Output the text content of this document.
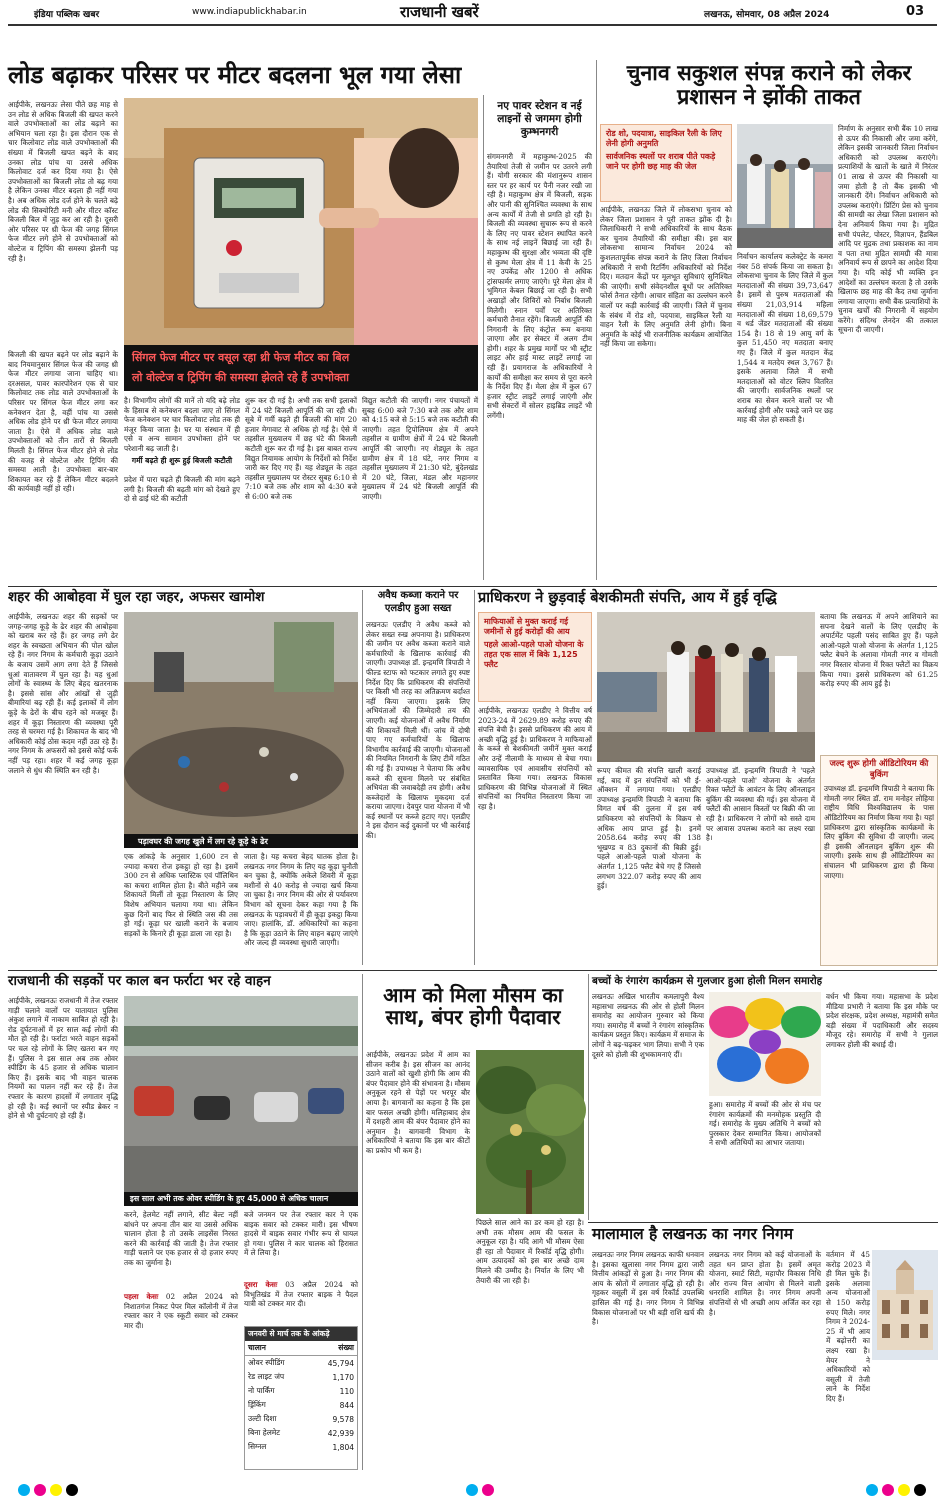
इंडिया पब्लिक खबर	www.indiapublickhabar.in	राजधानी खबरें	लखनऊ, सोमवार, 08 अप्रैल 2024	03
लोड बढ़ाकर परिसर पर मीटर बदलना भूल गया लेसा
आईपीके, लखनऊः लेसा पीते छह माह से उन लोड से अधिक बिजली की खपत करने वाले उपभोक्ताओं का लोड बढ़ाने का अभियान चला रहा है। इस दौरान एक से चार किलोवाट लोड वाले उपभोक्ताओं की संख्या में बिजली खपत बढ़ने के बाद उनका लोड पांच या उससे अधिक किलोवाट दर्ज कर दिया गया है। ऐसे उपभोक्ताओं का बिजली लोड तो बढ़ गया है लेकिन उनका मीटर बदला ही नहीं गया है। अब अधिक लोड दर्ज होने के चलते बढ़े लोड की सिक्योरिटी मनी और मीटर कॉस्ट बिजली बिल में जुड़ कर आ रही है। दूसरी ओर परिसर पर थ्री फेज की जगह सिंगल फेज मीटर लगे होने से उपभोक्ताओं को वोल्टेज व ट्रिपिंग की समस्या झेलनी पड़ रही है।
बिजली की खपत बढ़ने पर लोड बढ़ाने के बाद नियमानुसार सिंगल फेज की जगह थ्री फेज मीटर लगाया जाना चाहिए था। दरअसल, पावर कारपोरेशन एक से चार किलोवाट तक लोड वाले उपभोक्ताओं के परिसर पर सिंगल फेज मीटर लगा कर कनेक्शन देता है, वहीं पांच या उससे अधिक लोड होने पर थ्री फेज मीटर लगाया जाता है। ऐसे में अधिक लोड वाले उपभोक्ताओं को तीन तारों से बिजली मिलती है। सिंगल फेज मीटर होने से लोड की वजह से वोल्टेज और ट्रिपिंग की समस्या आती है। उपभोक्ता बार-बार शिकायत कर रहे हैं लेकिन मीटर बदलने की कार्यवाही नहीं हो रही।
सिंगल फेज मीटर पर वसूल रहा थ्री फेज मीटर का बिल
लो वोल्टेज व ट्रिपिंग की समस्या झेलते रहे हैं उपभोक्ता
है। विभागीय लोगों की मानें तो यदि बढ़े लोड के हिसाब से कनेक्शन बदला जाए तो सिंगल फेज कनेक्शन पर चार किलोवाट लोड तक ही मंजूर किया जाता है। घर या संस्थान में ही एसे व अन्य सामान उपभोक्ता होने पर परेशानी बढ़ जाती है।
गर्मी बढ़ते ही शुरू हुई बिजली कटौती
प्रदेश में पारा चढ़ते ही बिजली की मांग बढ़ने लगी है। बिजली की बढ़ती मांग को देखते हुए दो से ढाई घंटे की कटौती
शुरू कर दी गई है। अभी तक सभी इलाकों में 24 घंटे बिजली आपूर्ति की जा रही थी। सूबे में गर्मी बढ़ते ही बिजली की मांग 20 हजार मेगावाट से अधिक हो गई है। ऐसे में तहसील मुख्यालय में छह घंटे की बिजली कटौती शुरू कर दी गई है। इस बाबत राज्य विद्युत नियामक आयोग के निर्देशों को निर्देश जारी कर दिए गए हैं। यह शेड्यूल के तहत तहसील मुख्यालय पर रोस्टर सुबह 6:10 से 7:10 बजे तक और शाम को 4:30 बजे से 6:00 बजे तक
विद्युत कटौती की जाएगी। नगर पंचायतों में सुबह 6:00 बजे 7:30 बजे तक और शाम को 4:15 बजे से 5:15 बजे तक कटौती की जाएगी। तहत ट्रिपोलियम क्षेत्र में अपने तहसील व ग्रामीण क्षेत्रों में 24 घंटे बिजली आपूर्ति की जाएगी। नए शेड्यूल के तहत ग्रामीण क्षेत्र में 18 घंटे, नगर निगम व तहसील मुख्यालय में 21:30 घंटे, बुंदेलखंड में 20 घंटे, जिला, मंडल और महानगर मुख्यालय में 24 घंटे बिजली आपूर्ति की जाएगी।
नए पावर स्टेशन व नई लाइनों से जगमग होगी कुम्भनगरी
संगमनगरी में महाकुम्भ-2025 की तैयारियां तेजी से जमीन पर उतरने लगी हैं। योगी सरकार की मंशानुरूप शासन स्तर पर हर कार्य पर पैनी नजर रखी जा रही है। महाकुम्भ क्षेत्र में बिजली, सड़क और पानी की सुनिश्चित व्यवस्था के साथ अन्य कार्यों में तेजी से प्रगति हो रही है। बिजली की व्यवस्था सुचारू रूप से करने के लिए नए पावर स्टेशन स्थापित करने के साथ नई लाइनें बिछाई जा रही हैं। महाकुम्भ की सुरक्षा और भव्यता की दृष्टि से कुम्भ मेला क्षेत्र में 11 केवी के 25 नए उपकेंद्र और 1200 से अधिक ट्रांसफार्मर लगाए जाएंगे। पूरे मेला क्षेत्र में भूमिगत केबल बिछाई जा रही है। सभी अखाड़ों और शिविरों को निर्बाध बिजली मिलेगी। स्नान पर्वों पर अतिरिक्त कर्मचारी तैनात रहेंगे। बिजली आपूर्ति की निगरानी के लिए कंट्रोल रूम बनाया जाएगा और हर सेक्टर में अलग टीम होगी। शहर के प्रमुख मार्गों पर भी स्ट्रीट लाइट और हाई मास्ट लाइटें लगाई जा रही हैं। प्रयागराज के अधिकारियों ने कार्यों की समीक्षा कर समय से पूरा करने के निर्देश दिए हैं। मेला क्षेत्र में कुल 67 हजार स्ट्रीट लाइटें लगाई जाएंगी और सभी सेक्टरों में सोलर हाइब्रिड लाइटें भी लगेंगी।
चुनाव सकुशल संपन्न कराने को लेकर प्रशासन ने झोंकी ताकत
रोड शो, पदयात्रा, साइकिल रैली के लिए लेनी होगी अनुमति
सार्वजनिक स्थलों पर शराब पीते पकड़े जाने पर होगी छह माह की जेल
आईपीके, लखनऊः जिले में लोकसभा चुनाव को लेकर जिला प्रशासन ने पूरी ताकत झोंक दी है। जिलाधिकारी ने सभी अधिकारियों के साथ बैठक कर चुनाव तैयारियों की समीक्षा की। इस बार लोकसभा सामान्य निर्वाचन 2024 को कुशलतापूर्वक संपन्न कराने के लिए जिला निर्वाचन अधिकारी ने सभी रिटर्निंग अधिकारियों को निर्देश दिए। मतदान केंद्रों पर मूलभूत सुविधाएं सुनिश्चित की जाएंगी। सभी संवेदनशील बूथों पर अतिरिक्त फोर्स तैनात रहेगी। आचार संहिता का उल्लंघन करने वालों पर कड़ी कार्रवाई की जाएगी। जिले में चुनाव के संबंध में रोड शो, पदयात्रा, साइकिल रैली या वाहन रैली के लिए अनुमति लेनी होगी। बिना अनुमति के कोई भी राजनीतिक कार्यक्रम आयोजित नहीं किया जा सकेगा।
निर्वाचन कार्यालय कलेक्ट्रेट के कमरा नंबर 58 संपर्क किया जा सकता है। लोकसभा चुनाव के लिए जिले में कुल मतदाताओं की संख्या 39,73,647 है। इसमें से पुरुष मतदाताओं की संख्या 21,03,914 महिला मतदाताओं की संख्या 18,69,579 व थर्ड जेंडर मतदाताओं की संख्या 154 है। 18 से 19 आयु वर्ग के कुल 51,450 नए मतदाता बनाए गए हैं। जिले में कुल मतदान केंद्र 1,544 व मतदेय स्थल 3,767 हैं। इसके अलावा जिले में सभी मतदाताओं को वोटर स्लिप वितरित की जाएगी। सार्वजनिक स्थलों पर शराब का सेवन करने वालों पर भी कार्रवाई होगी और पकड़े जाने पर छह माह की जेल हो सकती है।
निर्माण के अनुसार सभी बैंक 10 लाख से ऊपर की निकासी और जमा करेंगे, लेकिन इसकी जानकारी जिला निर्वाचन अधिकारी को उपलब्ध कराएंगे। प्रत्याशियों के खातों के खाते में निरंतर 01 लाख से ऊपर की निकासी या जमा होती है तो बैंक इसकी भी जानकारी देंगे। निर्वाचन अधिकारी को उपलब्ध कराएंगे। प्रिंटिंग प्रेस को चुनाव की सामग्री का लेखा जिला प्रशासन को देना अनिवार्य किया गया है। मुद्रित सभी पंपलेट, पोस्टर, विज्ञापन, हैंडबिल आदि पर मुद्रक तथा प्रकाशक का नाम व पता तथा मुद्रित सामग्री की मात्रा अनिवार्य रूप से छापने का आदेश दिया गया है। यदि कोई भी व्यक्ति इन आदेशों का उल्लंघन करता है तो उसके खिलाफ छह माह की कैद तथा जुर्माना लगाया जाएगा। सभी बैंक प्रत्याशियों के चुनाव खर्चों की निगरानी में सहयोग करेंगे। संदिग्ध लेनदेन की तत्काल सूचना दी जाएगी।
शहर की आबोहवा में घुल रहा जहर, अफसर खामोश
आईपीके, लखनऊः शहर की सड़कों पर जगह-जगह कूड़े के ढेर शहर की आबोहवा को खराब कर रहे हैं। हर जगह लगे ढेर शहर के स्वच्छता अभियान की पोल खोल रहे हैं। नगर निगम के कर्मचारी कूड़ा उठाने के बजाय उसमें आग लगा देते हैं जिससे धुआं वातावरण में घुल रहा है। यह धुआं लोगों के स्वास्थ्य के लिए बेहद खतरनाक है। इससे सांस और आंखों से जुड़ी बीमारियां बढ़ रही हैं। कई इलाकों में लोग कूड़े के ढेरों के बीच रहने को मजबूर हैं। शहर में कूड़ा निस्तारण की व्यवस्था पूरी तरह से चरमरा गई है। शिकायत के बाद भी अधिकारी कोई ठोस कदम नहीं उठा रहे हैं। नगर निगम के अफसरों को इससे कोई फर्क नहीं पड़ रहा। शहर में कई जगह कूड़ा जलाने से धुंध की स्थिति बन रही है।
पड़ावघर की जगह खुले में लग रहे कूड़े के ढेर
एक आंकड़े के अनुसार 1,600 टन से ज्यादा कचरा रोज इकट्ठा हो रहा है। इसमें 300 टन से अधिक प्लास्टिक एवं पॉलिथिन का कचरा शामिल होता है। बीते महीने जब शिकायतें मिलीं तो कूड़ा निस्तारण के लिए विशेष अभियान चलाया गया था। लेकिन कुछ दिनों बाद फिर से स्थिति जस की तस हो गई। कूड़ा घर खाली कराने के बजाय सड़कों के किनारे ही कूड़ा डाला जा रहा है।
जाता है। यह कचरा बेहद घातक होता है। लखनऊ नगर निगम के लिए यह कूड़ा चुनौती बन चुका है, क्योंकि अकेले शिवरी में कूड़ा मशीनों से 40 करोड़ से ज्यादा खर्च किया जा चुका है। नगर निगम की ओर से पर्यावरण विभाग को सूचना देकर कहा गया है कि लखनऊ के पड़ावघरों में ही कूड़ा इकट्ठा किया जाए। हालांकि, डॉ. अधिकारियों का कहना है कि कूड़ा उठाने के लिए वाहन बढ़ाए जाएंगे और जल्द ही व्यवस्था सुधारी जाएगी।
अवैध कब्जा कराने पर एलडीए हुआ सख्त
लखनऊः एलडीए ने अवैध कब्जे को लेकर सख्त रुख अपनाया है। प्राधिकरण की जमीन पर अवैध कब्जा कराने वाले कर्मचारियों के खिलाफ कार्रवाई की जाएगी। उपाध्यक्ष डॉ. इन्द्रमणि त्रिपाठी ने फील्ड स्टाफ को फटकार लगाते हुए स्पष्ट निर्देश दिए कि प्राधिकरण की संपत्तियों पर किसी भी तरह का अतिक्रमण बर्दाश्त नहीं किया जाएगा। इसके लिए अभियंताओं की जिम्मेदारी तय की जाएगी। कई योजनाओं में अवैध निर्माण की शिकायतें मिली थीं। जांच में दोषी पाए गए कर्मचारियों के खिलाफ विभागीय कार्रवाई की जाएगी। योजनाओं की नियमित निगरानी के लिए टीमें गठित की गई हैं। उपाध्यक्ष ने चेताया कि अवैध कब्जे की सूचना मिलने पर संबंधित अभियंता की जवाबदेही तय होगी। अवैध कब्जेदारों के खिलाफ मुकदमा दर्ज कराया जाएगा। देवपुर पारा योजना में भी कई स्थानों पर कब्जे हटाए गए। एलडीए ने इस दौरान कई दुकानों पर भी कार्रवाई की।
प्राधिकरण ने छुड़वाई बेशकीमती संपत्ति, आय में हुई वृद्धि
माफियाओं से मुक्त कराई गई जमीनों से हुई करोड़ों की आय
पहले आओ-पहले पाओ योजना के तहत एक साल में बिके 1,125 फ्लैट
आईपीके, लखनऊः एलडीए ने वित्तीय वर्ष 2023-24 में 2629.89 करोड़ रुपए की संपत्ति बेची है। इससे प्राधिकरण की आय में अच्छी वृद्धि हुई है। प्राधिकरण ने माफियाओं के कब्जे से बेशकीमती जमीनें मुक्त कराईं और उन्हें नीलामी के माध्यम से बेचा गया। व्यावसायिक एवं आवासीय संपत्तियों को प्रस्तावित किया गया। लखनऊ विकास प्राधिकरण की विभिन्न योजनाओं में स्थित संपत्तियों का नियमित निस्तारण किया जा रहा है।
रूपए कीमत की संपत्ति खाली कराई गई, बाद में इन संपत्तियों को भी ई-ऑक्शन में लगाया गया। एलडीए उपाध्यक्ष इन्द्रमणि त्रिपाठी ने बताया कि विगत वर्ष की तुलना में इस वर्ष प्राधिकरण को संपत्तियों के विक्रय से अधिक आय प्राप्त हुई है। इनमें 2058.64 करोड़ रुपए की 138 भूखण्ड व 83 दुकानों की बिक्री हुई। पहले आओ-पहले पाओ योजना के अंतर्गत 1,125 फ्लैट बेचे गए हैं जिससे लगभग 322.07 करोड़ रुपए की आय हुई।
उपाध्यक्ष डॉ. इन्द्रमणि त्रिपाठी ने 'पहले आओ-पहले पाओ' योजना के अंतर्गत रिक्त फ्लैटों के आवंटन के लिए ऑनलाइन बुकिंग की व्यवस्था की गई। इस योजना में फ्लैटों की आसान किस्तों पर बिक्री की जा रही है। प्राधिकरण ने लोगों को सस्ते दाम पर आवास उपलब्ध कराने का लक्ष्य रखा है।
बताया कि लखनऊ में अपने आशियाने का सपना देखने वालों के लिए एलडीए के अपार्टमेंट पहली पसंद साबित हुए हैं। पहले आओ-पहले पाओ योजना के अंतर्गत 1,125 फ्लैट बेचने के अलावा गोमती नगर व गोमती नगर विस्तार योजना में रिक्त फ्लैटों का विक्रय किया गया। इससे प्राधिकरण को 61.25 करोड़ रुपए की आय हुई है।
जल्द शुरू होगी ऑडिटोरियम की बुकिंग
उपाध्यक्ष डॉ. इन्द्रमणि त्रिपाठी ने बताया कि गोमती नगर स्थित डॉ. राम मनोहर लोहिया राष्ट्रीय विधि विश्वविद्यालय के पास ऑडिटोरियम का निर्माण किया गया है। यहां प्राधिकरण द्वारा सांस्कृतिक कार्यक्रमों के लिए बुकिंग की सुविधा दी जाएगी। जल्द ही इसकी ऑनलाइन बुकिंग शुरू की जाएगी। इसके साथ ही ऑडिटोरियम का संचालन भी प्राधिकरण द्वारा ही किया जाएगा।
राजधानी की सड़कों पर काल बन फर्राटा भर रहे वाहन
आईपीके, लखनऊः राजधानी में तेज रफ्तार गाड़ी चलाने वालों पर यातायात पुलिस अंकुश लगाने में नाकाम साबित हो रही है। रोड दुर्घटनाओं में हर साल कई लोगों की मौत हो रही है। फर्राटा भरते वाहन सड़कों पर चल रहे लोगों के लिए खतरा बन गए हैं। पुलिस ने इस साल अब तक ओवर स्पीडिंग के 45 हजार से अधिक चालान किए हैं। इसके बाद भी वाहन चालक नियमों का पालन नहीं कर रहे हैं। तेज रफ्तार के कारण हादसों में लगातार वृद्धि हो रही है। कई स्थानों पर स्पीड ब्रेकर न होने से भी दुर्घटनाएं हो रही हैं।
इस साल अभी तक ओवर स्पीडिंग के हुए 45,000 से अधिक चालान
करने, हेलमेट नहीं लगाने, सीट बेल्ट नहीं बांधने पर अपना तीन बार या उससे अधिक चालान होता है तो उसके लाइसेंस निरस्त करने की कार्रवाई की जाती है। तेज रफ्तार गाड़ी चलाने पर एक हजार से दो हजार रुपए तक का जुर्माना है।
पहला केसः 02 अप्रैल 2024 को निशातगंज निकट पेपर मिल कॉलोनी में तेज रफ्तार कार ने एक स्कूटी सवार को टक्कर मार दी।
बजे जनमन पर तेज रफ्तार कार ने एक बाइक सवार को टक्कर मारी। इस भीषण हादसे में बाइक सवार गंभीर रूप से घायल हो गया। पुलिस ने कार चालक को हिरासत में ले लिया है।
दूसरा केसः 03 अप्रैल 2024 को विभूतिखंड में तेज रफ्तार बाइक ने पैदल यात्री को टक्कर मार दी।
जनवरी से मार्च तक के आंकड़े
चालान	संख्या
ओवर स्पीडिंग	45,794
रेड लाइट जंप	1,170
नो पार्किंग	110
ड्रिंकिंग	844
उल्टी दिशा	9,578
बिना हेलमेट	42,939
सिग्नल	1,804
आम को मिला मौसम का साथ, बंपर होगी पैदावार
आईपीके, लखनऊः प्रदेश में आम का सीजन करीब है। इस सीजन का आनंद उठाने वालों को खुशी होगी कि आम की बंपर पैदावार होने की संभावना है। मौसम अनुकूल रहने से पेड़ों पर भरपूर बौर आया है। बागवानों का कहना है कि इस बार फसल अच्छी होगी। मलिहाबाद क्षेत्र में दशहरी आम की बंपर पैदावार होने का अनुमान है। बागवानी विभाग के अधिकारियों ने बताया कि इस बार कीटों का प्रकोप भी कम है।
पिछले साल आने का डर कम हो रहा है। अभी तक मौसम आम की फसल के अनुकूल रहा है। यदि आगे भी मौसम ऐसा ही रहा तो पैदावार में रिकॉर्ड वृद्धि होगी। आम उत्पादकों को इस बार अच्छे दाम मिलने की उम्मीद है। निर्यात के लिए भी तैयारी की जा रही है।
बच्चों के रंगारंग कार्यक्रम से गुलजार हुआ होली मिलन समारोह
लखनऊः अखिल भारतीय कमलापुरी वैश्य महासभा लखनऊ की ओर से होली मिलन समारोह का आयोजन गुरुवार को किया गया। समारोह में बच्चों ने रंगारंग सांस्कृतिक कार्यक्रम प्रस्तुत किए। कार्यक्रम में समाज के लोगों ने बढ़-चढ़कर भाग लिया। सभी ने एक दूसरे को होली की शुभकामनाएं दीं।
हुआ। समारोह में बच्चों की ओर से मंच पर रंगारंग कार्यक्रमों की मनमोहक प्रस्तुति दी गई। समारोह के मुख्य अतिथि ने बच्चों को पुरस्कार देकर सम्मानित किया। आयोजकों ने सभी अतिथियों का आभार जताया।
वर्धन भी किया गया। महासभा के प्रदेश मीडिया प्रभारी ने बताया कि इस मौके पर प्रदेश संरक्षक, प्रदेश अध्यक्ष, महामंत्री समेत बड़ी संख्या में पदाधिकारी और सदस्य मौजूद रहे। समारोह में सभी ने गुलाल लगाकर होली की बधाई दी।
मालामाल है लखनऊ का नगर निगम
लखनऊः नगर निगम लखनऊ काफी धनवान है। इसका खुलासा नगर निगम द्वारा जारी वित्तीय आंकड़ों से हुआ है। नगर निगम की आय के स्रोतों में लगातार वृद्धि हो रही है। गृहकर वसूली में इस वर्ष रिकॉर्ड उपलब्धि हासिल की गई है। नगर निगम ने विभिन्न विकास योजनाओं पर भी बड़ी राशि खर्च की है।
लखनऊ नगर निगम को कई योजनाओं के तहत धन प्राप्त होता है। इसमें अमृत योजना, स्मार्ट सिटी, महापौर विकास निधि और राज्य वित्त आयोग से मिलने वाली धनराशि शामिल है। नगर निगम अपनी संपत्तियों से भी अच्छी आय अर्जित कर रहा है।
वर्तमान में 45 करोड़ 2023 में ही मिल चुके हैं। इसके अलावा अन्य योजनाओं से 150 करोड़ रुपए मिले। नगर निगम ने 2024-25 में भी आय में बढ़ोत्तरी का लक्ष्य रखा है। मेयर ने अधिकारियों को वसूली में तेजी लाने के निर्देश दिए हैं।
